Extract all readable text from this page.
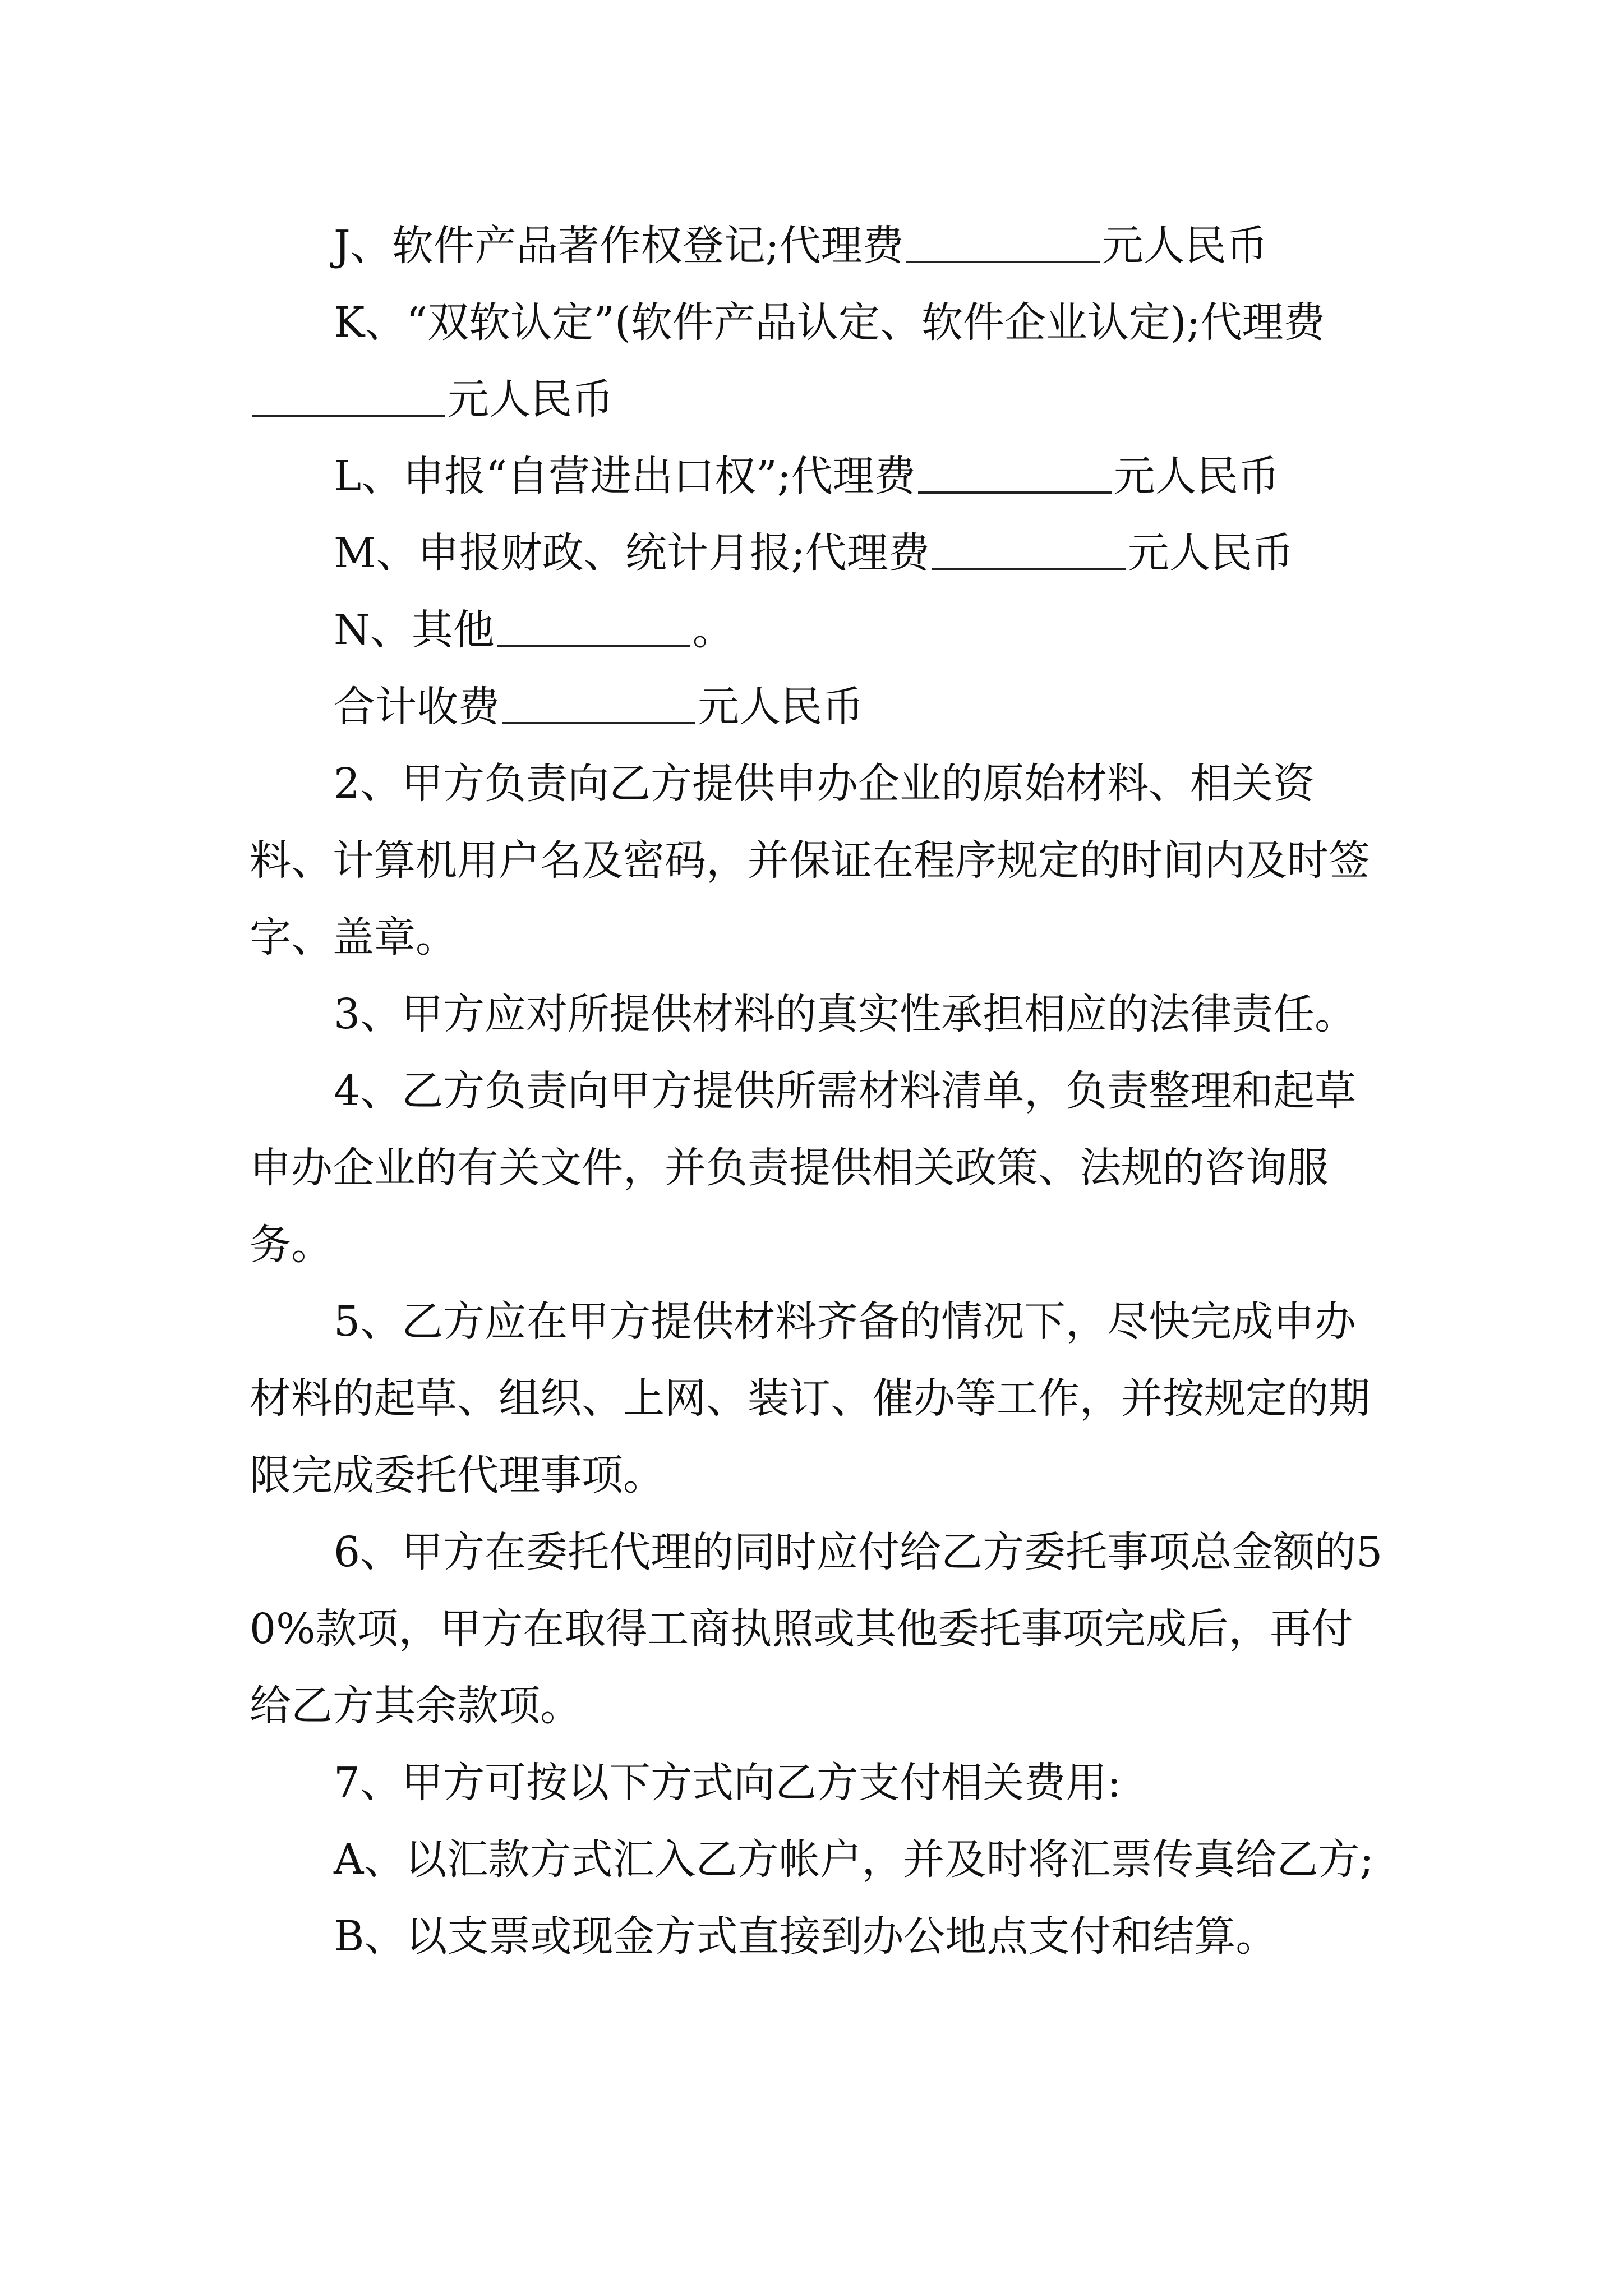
J、软件产品著作权登记;代理费	元人民币

K、“双软认定”(软件产品认定、软件企业认定);代理费元人民币

L、申报“自营进出口权”;代理费	元人民币

M、申报财政、统计月报;代理费	元人民币

N、其他	。

合计收费	元人民币

2、甲方负责向乙方提供申办企业的原始材料、相关资料、计算机用户名及密码，并保证在程序规定的时间内及时签字、盖章。

3、甲方应对所提供材料的真实性承担相应的法律责任。

4、乙方负责向甲方提供所需材料清单，负责整理和起草申办企业的有关文件，并负责提供相关政策、法规的咨询服务。

5、乙方应在甲方提供材料齐备的情况下，尽快完成申办材料的起草、组织、上网、装订、催办等工作，并按规定的期限完成委托代理事项。

6、甲方在委托代理的同时应付给乙方委托事项总金额的50%款项，甲方在取得工商执照或其他委托事项完成后，再付给乙方其余款项。

7、甲方可按以下方式向乙方支付相关费用:

A、以汇款方式汇入乙方帐户，并及时将汇票传真给乙方;

B、以支票或现金方式直接到办公地点支付和结算。
